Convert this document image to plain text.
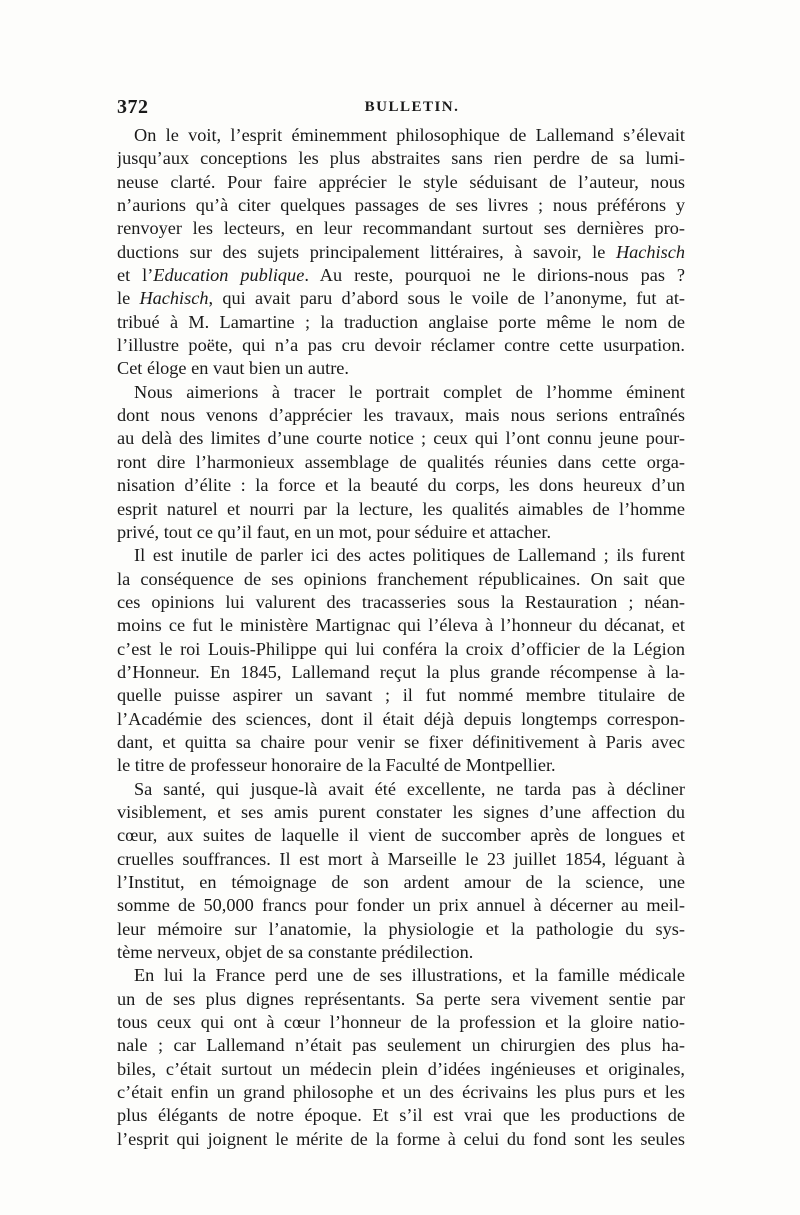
372	BULLETIN.
On le voit, l’esprit éminemment philosophique de Lallemand s’élevait
jusqu’aux conceptions les plus abstraites sans rien perdre de sa lumi-
neuse clarté. Pour faire apprécier le style séduisant de l’auteur, nous
n’aurions qu’à citer quelques passages de ses livres ; nous préférons y
renvoyer les lecteurs, en leur recommandant surtout ses dernières pro-
ductions sur des sujets principalement littéraires, à savoir, le Hachisch
et l’Education publique. Au reste, pourquoi ne le dirions-nous pas ?
le Hachisch, qui avait paru d’abord sous le voile de l’anonyme, fut at-
tribué à M. Lamartine ; la traduction anglaise porte même le nom de
l’illustre poëte, qui n’a pas cru devoir réclamer contre cette usurpation.
Cet éloge en vaut bien un autre.
Nous aimerions à tracer le portrait complet de l’homme éminent
dont nous venons d’apprécier les travaux, mais nous serions entraînés
au delà des limites d’une courte notice ; ceux qui l’ont connu jeune pour-
ront dire l’harmonieux assemblage de qualités réunies dans cette orga-
nisation d’élite : la force et la beauté du corps, les dons heureux d’un
esprit naturel et nourri par la lecture, les qualités aimables de l’homme
privé, tout ce qu’il faut, en un mot, pour séduire et attacher.
Il est inutile de parler ici des actes politiques de Lallemand ; ils furent
la conséquence de ses opinions franchement républicaines. On sait que
ces opinions lui valurent des tracasseries sous la Restauration ; néan-
moins ce fut le ministère Martignac qui l’éleva à l’honneur du décanat, et
c’est le roi Louis-Philippe qui lui conféra la croix d’officier de la Légion
d’Honneur. En 1845, Lallemand reçut la plus grande récompense à la-
quelle puisse aspirer un savant ; il fut nommé membre titulaire de
l’Académie des sciences, dont il était déjà depuis longtemps correspon-
dant, et quitta sa chaire pour venir se fixer définitivement à Paris avec
le titre de professeur honoraire de la Faculté de Montpellier.
Sa santé, qui jusque-là avait été excellente, ne tarda pas à décliner
visiblement, et ses amis purent constater les signes d’une affection du
cœur, aux suites de laquelle il vient de succomber après de longues et
cruelles souffrances. Il est mort à Marseille le 23 juillet 1854, léguant à
l’Institut, en témoignage de son ardent amour de la science, une
somme de 50,000 francs pour fonder un prix annuel à décerner au meil-
leur mémoire sur l’anatomie, la physiologie et la pathologie du sys-
tème nerveux, objet de sa constante prédilection.
En lui la France perd une de ses illustrations, et la famille médicale
un de ses plus dignes représentants. Sa perte sera vivement sentie par
tous ceux qui ont à cœur l’honneur de la profession et la gloire natio-
nale ; car Lallemand n’était pas seulement un chirurgien des plus ha-
biles, c’était surtout un médecin plein d’idées ingénieuses et originales,
c’était enfin un grand philosophe et un des écrivains les plus purs et les
plus élégants de notre époque. Et s’il est vrai que les productions de
l’esprit qui joignent le mérite de la forme à celui du fond sont les seules
